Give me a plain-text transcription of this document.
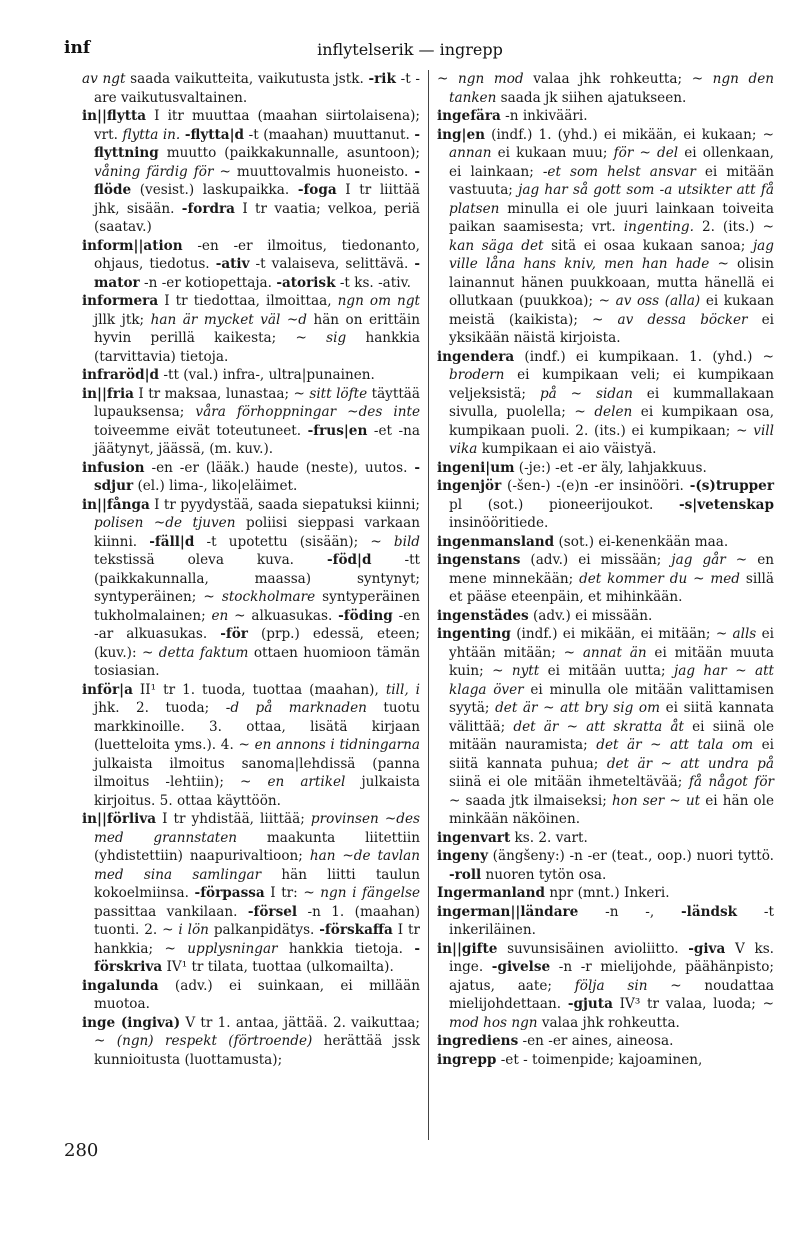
inf	inflytelserik — ingrepp

av ngt saada vaikutteita, vaikutusta jstk. -rik -t -are vaikutusvaltainen.

in||flytta I itr muuttaa (maahan siirtolaisena); vrt. flytta in. -flytta|d -t (maahan) muuttanut. -flyttning muutto (paikkakunnalle, asuntoon); våning färdig för ~ muuttovalmis huoneisto. -flöde (vesist.) laskupaikka. -foga I tr liittää jhk, sisään. -fordra I tr vaatia; velkoa, periä (saatav.)

inform||ation -en -er ilmoitus, tiedonanto, ohjaus, tiedotus. -ativ -t valaiseva, selittävä. -mator -n -er kotiopettaja. -atorisk -t ks. -ativ.

informera I tr tiedottaa, ilmoittaa, ngn om ngt jllk jtk; han är mycket väl ~d hän on erittäin hyvin perillä kaikesta; ~ sig hankkia (tarvittavia) tietoja.

infraröd|d -tt (val.) infra-, ultra|punainen.

in||fria I tr maksaa, lunastaa; ~ sitt löfte täyttää lupauksensa; våra förhoppningar ~des inte toiveemme eivät toteutuneet. -frus|en -et -na jäätynyt, jäässä, (m. kuv.).

infusion -en -er (lääk.) haude (neste), uutos. -sdjur (el.) lima-, liko|eläimet.

in||fånga I tr pyydystää, saada siepatuksi kiinni; polisen ~de tjuven poliisi sieppasi varkaan kiinni. -fäll|d -t upotettu (sisään); ~ bild tekstissä oleva kuva. -föd|d -tt (paikkakunnalla, maassa) syntynyt; syntyperäinen; ~ stockholmare syntyperäinen tukholmalainen; en ~ alkuasukas. -föding -en -ar alkuasukas. -för (prp.) edessä, eteen; (kuv.): ~ detta faktum ottaen huomioon tämän tosiasian.

inför|a II¹ tr 1. tuoda, tuottaa (maahan), till, i jhk. 2. tuoda; -d på marknaden tuotu markkinoille. 3. ottaa, lisätä kirjaan (luetteloita yms.). 4. ~ en annons i tidningarna julkaista ilmoitus sanoma|lehdissä (panna ilmoitus -lehtiin); ~ en artikel julkaista kirjoitus. 5. ottaa käyttöön.

in||förliva I tr yhdistää, liittää; provinsen ~des med grannstaten maakunta liitettiin (yhdistettiin) naapurivaltioon; han ~de tavlan med sina samlingar hän liitti taulun kokoelmiinsa. -förpassa I tr: ~ ngn i fängelse passittaa vankilaan. -försel -n 1. (maahan) tuonti. 2. ~ i lön palkanpidätys. -förskaffa I tr hankkia; ~ upplysningar hankkia tietoja. -förskriva IV¹ tr tilata, tuottaa (ulkomailta).

ingalunda (adv.) ei suinkaan, ei millään muotoa.

inge (ingiva) V tr 1. antaa, jättää. 2. vaikuttaa; ~ (ngn) respekt (förtroende) herättää jssk kunnioitusta (luottamusta);

~ ngn mod valaa jhk rohkeutta; ~ ngn den tanken saada jk siihen ajatukseen.

ingefära -n inkivääri.

ing|en (indf.) 1. (yhd.) ei mikään, ei kukaan; ~ annan ei kukaan muu; för ~ del ei ollenkaan, ei lainkaan; -et som helst ansvar ei mitään vastuuta; jag har så gott som -a utsikter att få platsen minulla ei ole juuri lainkaan toiveita paikan saamisesta; vrt. ingenting. 2. (its.) ~ kan säga det sitä ei osaa kukaan sanoa; jag ville låna hans kniv, men han hade ~ olisin lainannut hänen puukkoaan, mutta hänellä ei ollutkaan (puukkoa); ~ av oss (alla) ei kukaan meistä (kaikista); ~ av dessa böcker ei yksikään näistä kirjoista.

ingendera (indf.) ei kumpikaan. 1. (yhd.) ~ brodern ei kumpikaan veli; ei kumpikaan veljeksistä; på ~ sidan ei kummallakaan sivulla, puolella; ~ delen ei kumpikaan osa, kumpikaan puoli. 2. (its.) ei kumpikaan; ~ vill vika kumpikaan ei aio väistyä.

ingeni|um (-je:) -et -er äly, lahjakkuus.

ingenjör (-šen-) -(e)n -er insinööri. -(s)trupper pl (sot.) pioneerijoukot. -s|vetenskap insinööritiede.

ingenmansland (sot.) ei-kenenkään maa.

ingenstans (adv.) ei missään; jag går ~ en mene minnekään; det kommer du ~ med sillä et pääse eteenpäin, et mihinkään.

ingenstädes (adv.) ei missään.

ingenting (indf.) ei mikään, ei mitään; ~ alls ei yhtään mitään; ~ annat än ei mitään muuta kuin; ~ nytt ei mitään uutta; jag har ~ att klaga över ei minulla ole mitään valittamisen syytä; det är ~ att bry sig om ei siitä kannata välittää; det är ~ att skratta åt ei siinä ole mitään nauramista; det är ~ att tala om ei siitä kannata puhua; det är ~ att undra på siinä ei ole mitään ihmeteltävää; få något för ~ saada jtk ilmaiseksi; hon ser ~ ut ei hän ole minkään näköinen.

ingenvart ks. 2. vart.

ingeny (ängšeny:) -n -er (teat., oop.) nuori tyttö. -roll nuoren tytön osa.

Ingermanland npr (mnt.) Inkeri.

ingerman||ländare -n -, -ländsk -t inkeriläinen.

in||gifte suvunsisäinen avioliitto. -giva V ks. inge. -givelse -n -r mielijohde, päähänpisto; ajatus, aate; följa sin ~ noudattaa mielijohdettaan. -gjuta IV³ tr valaa, luoda; ~ mod hos ngn valaa jhk rohkeutta.

ingrediens -en -er aines, aineosa.

ingrepp -et - toimenpide; kajoaminen,

280
